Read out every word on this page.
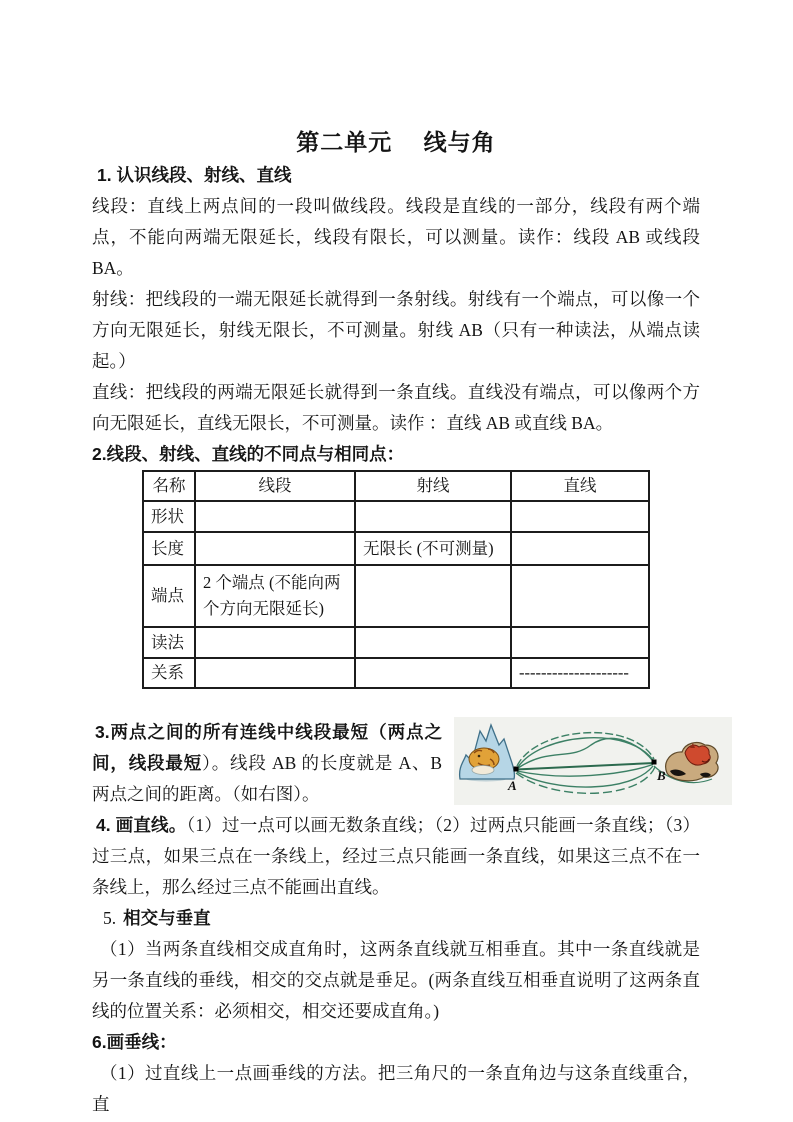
第二单元　 线与角
1. 认识线段、射线、直线

线段：直线上两点间的一段叫做线段。线段是直线的一部分，线段有两个端点，不能向两端无限延长，线段有限长，可以测量。读作：线段 AB 或线段 BA。

射线：把线段的一端无限延长就得到一条射线。射线有一个端点，可以像一个方向无限延长，射线无限长，不可测量。射线 AB（只有一种读法，从端点读起。）

直线：把线段的两端无限延长就得到一条直线。直线没有端点，可以像两个方向无限延长，直线无限长，不可测量。读作 ：直线 AB 或直线 BA。

2.线段、射线、直线的不同点与相同点：
名称	线段	射线	直线
形状			
长度		无限长 (不可测量)	
端点	2 个端点 (不能向两个方向无限延长)		
读法			
关系			--------------------
A
B

3.两点之间的所有连线中线段最短（两点之间，线段最短）。线段 AB 的长度就是 A、B 两点之间的距离。（如右图）。

4. 画直线。（1）过一点可以画无数条直线；（2）过两点只能画一条直线；（3）过三点，如果三点在一条线上，经过三点只能画一条直线，如果这三点不在一条线上，那么经过三点不能画出直线。

5. 相交与垂直

（1）当两条直线相交成直角时，这两条直线就互相垂直。其中一条直线就是另一条直线的垂线，相交的交点就是垂足。(两条直线互相垂直说明了这两条直线的位置关系：必须相交，相交还要成直角。)

6.画垂线：

（1）过直线上一点画垂线的方法。把三角尺的一条直角边与这条直线重合，直
